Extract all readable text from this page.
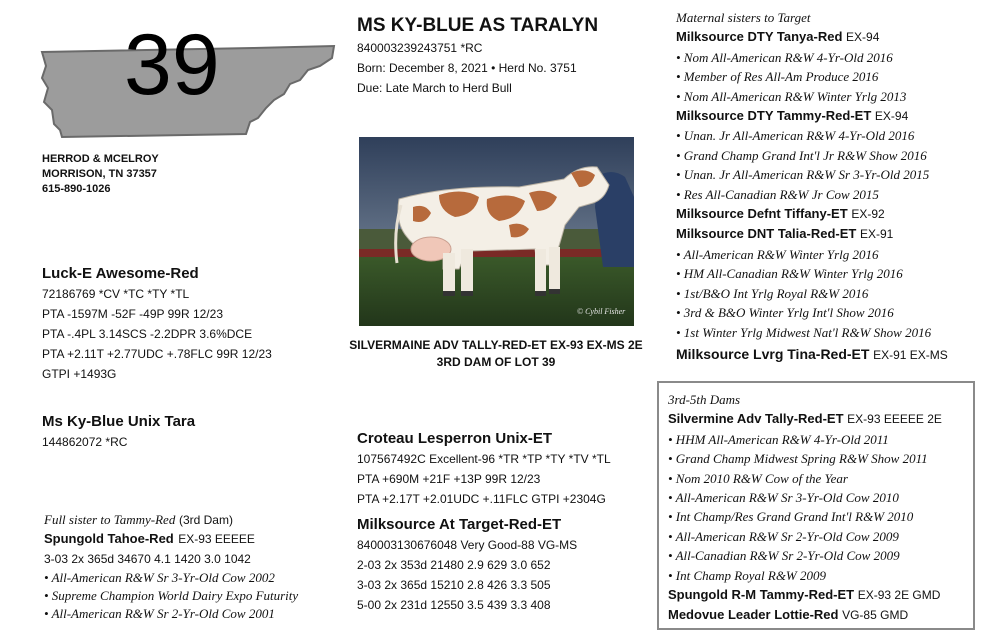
39
HERROD & MCELROY
MORRISON, TN 37357
615-890-1026
Luck-E Awesome-Red
72186769 *CV *TC *TY *TL
PTA -1597M -52F -49P 99R 12/23
PTA -.4PL 3.14SCS -2.2DPR 3.6%DCE
PTA +2.11T +2.77UDC +.78FLC 99R 12/23
GTPI +1493G
Ms Ky-Blue Unix Tara
144862072 *RC
Full sister to Tammy-Red (3rd Dam)
Spungold Tahoe-Red EX-93 EEEEE
3-03 2x 365d 34670 4.1 1420 3.0 1042
• All-American R&W Sr 3-Yr-Old Cow 2002
• Supreme Champion World Dairy Expo Futurity
• All-American R&W Sr 2-Yr-Old Cow 2001
MS KY-BLUE AS TARALYN
840003239243751 *RC
Born: December 8, 2021 • Herd No. 3751
Due: Late March to Herd Bull
© Cybil Fisher
SILVERMAINE ADV TALLY-RED-ET EX-93 EX-MS 2E
3RD DAM OF LOT 39
Croteau Lesperron Unix-ET
107567492C Excellent-96 *TR *TP *TY *TV *TL
PTA +690M +21F +13P 99R 12/23
PTA +2.17T +2.01UDC +.11FLC GTPI +2304G
Milksource At Target-Red-ET
840003130676048 Very Good-88 VG-MS
2-03 2x 353d 21480 2.9 629 3.0 652
3-03 2x 365d 15210 2.8 426 3.3 505
5-00 2x 231d 12550 3.5 439 3.3 408
Maternal sisters to Target
Milksource DTY Tanya-Red EX-94
• Nom All-American R&W 4-Yr-Old 2016
• Member of Res All-Am Produce 2016
• Nom All-American R&W Winter Yrlg 2013
Milksource DTY Tammy-Red-ET EX-94
• Unan. Jr All-American R&W 4-Yr-Old 2016
• Grand Champ Grand Int'l Jr R&W Show 2016
• Unan. Jr All-American R&W Sr 3-Yr-Old 2015
• Res All-Canadian R&W Jr Cow 2015
Milksource Defnt Tiffany-ET EX-92
Milksource DNT Talia-Red-ET EX-91
• All-American R&W Winter Yrlg 2016
• HM All-Canadian R&W Winter Yrlg 2016
• 1st/B&O Int Yrlg Royal R&W 2016
• 3rd & B&O Winter Yrlg Int'l Show 2016
• 1st Winter Yrlg Midwest Nat'l R&W Show 2016
Milksource Lvrg Tina-Red-ET EX-91 EX-MS
3rd-5th Dams
Silvermine Adv Tally-Red-ET EX-93 EEEEE 2E
• HHM All-American R&W 4-Yr-Old 2011
• Grand Champ Midwest Spring R&W Show 2011
• Nom 2010 R&W Cow of the Year
• All-American R&W Sr 3-Yr-Old Cow 2010
• Int Champ/Res Grand Grand Int'l R&W 2010
• All-American R&W Sr 2-Yr-Old Cow 2009
• All-Canadian R&W Sr 2-Yr-Old Cow 2009
• Int Champ Royal R&W 2009
Spungold R-M Tammy-Red-ET EX-93 2E GMD
Medovue Leader Lottie-Red VG-85 GMD
